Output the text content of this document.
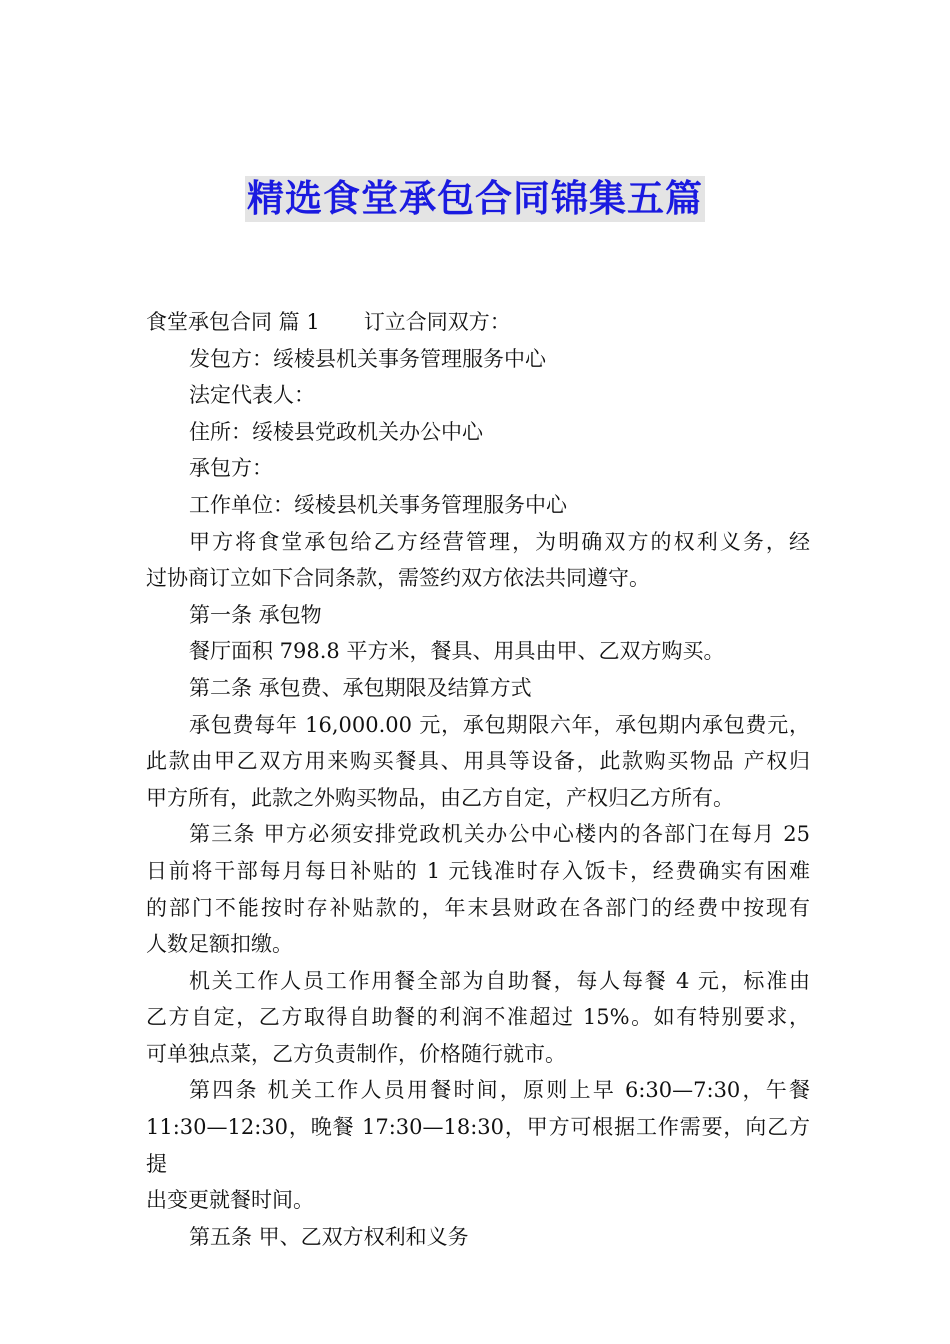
精选食堂承包合同锦集五篇
食堂承包合同 篇 1 订立合同双方：
发包方：绥棱县机关事务管理服务中心
法定代表人：
住所：绥棱县党政机关办公中心
承包方：
工作单位：绥棱县机关事务管理服务中心
甲方将食堂承包给乙方经营管理，为明确双方的权利义务，经
过协商订立如下合同条款，需签约双方依法共同遵守。
第一条 承包物
餐厅面积 798.8 平方米，餐具、用具由甲、乙双方购买。
第二条 承包费、承包期限及结算方式
承包费每年 16,000.00 元，承包期限六年，承包期内承包费元，
此款由甲乙双方用来购买餐具、用具等设备，此款购买物品 产权归
甲方所有，此款之外购买物品，由乙方自定，产权归乙方所有。
第三条 甲方必须安排党政机关办公中心楼内的各部门在每月 25
日前将干部每月每日补贴的 1 元钱准时存入饭卡，经费确实有困难
的部门不能按时存补贴款的，年末县财政在各部门的经费中按现有
人数足额扣缴。
机关工作人员工作用餐全部为自助餐，每人每餐 4 元，标准由
乙方自定，乙方取得自助餐的利润不准超过 15%。如有特别要求，
可单独点菜，乙方负责制作，价格随行就市。
第四条 机关工作人员用餐时间，原则上早 6:30—7:30，午餐
11:30—12:30，晚餐 17:30—18:30，甲方可根据工作需要，向乙方提
出变更就餐时间。
第五条 甲、乙双方权利和义务
